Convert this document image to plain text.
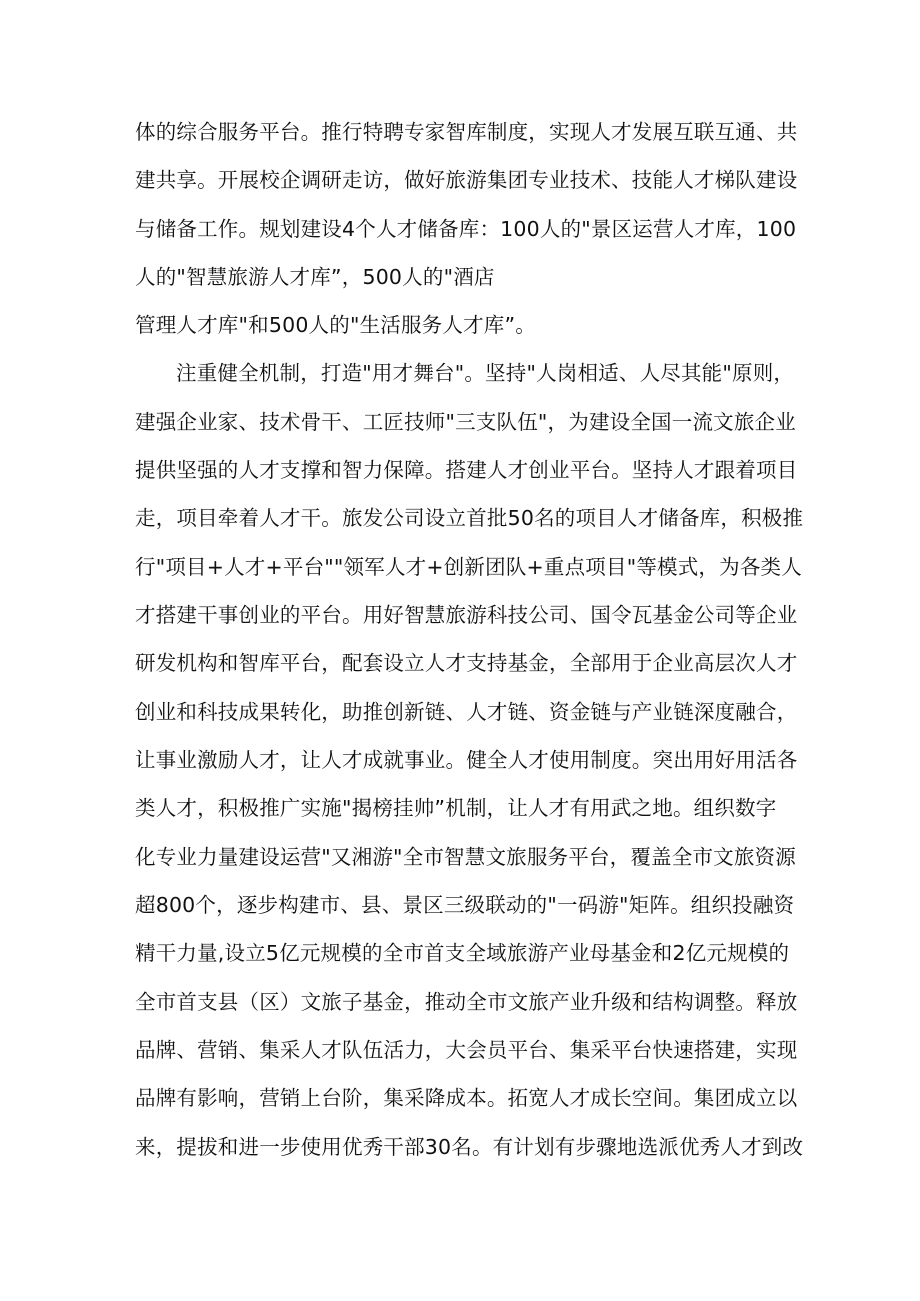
体的综合服务平台。推行特聘专家智库制度，实现人才发展互联互通、共
建共享。开展校企调研走访，做好旅游集团专业技术、技能人才梯队建设
与储备工作。规划建设4个人才储备库：100人的"景区运营人才库，100
人的"智慧旅游人才库”，500人的"酒店
管理人才库"和500人的"生活服务人才库”。
注重健全机制，打造"用才舞台"。坚持"人岗相适、人尽其能"原则，
建强企业家、技术骨干、工匠技师"三支队伍"，为建设全国一流文旅企业
提供坚强的人才支撑和智力保障。搭建人才创业平台。坚持人才跟着项目
走，项目牵着人才干。旅发公司设立首批50名的项目人才储备库，积极推
行"项目+人才+平台""领军人才+创新团队+重点项目"等模式，为各类人
才搭建干事创业的平台。用好智慧旅游科技公司、国令瓦基金公司等企业
研发机构和智库平台，配套设立人才支持基金，全部用于企业高层次人才
创业和科技成果转化，助推创新链、人才链、资金链与产业链深度融合，
让事业激励人才，让人才成就事业。健全人才使用制度。突出用好用活各
类人才，积极推广实施"揭榜挂帅”机制，让人才有用武之地。组织数字
化专业力量建设运营"又湘游"全市智慧文旅服务平台，覆盖全市文旅资源
超800个，逐步构建市、县、景区三级联动的"一码游"矩阵。组织投融资
精干力量,设立5亿元规模的全市首支全域旅游产业母基金和2亿元规模的
全市首支县（区）文旅子基金，推动全市文旅产业升级和结构调整。释放
品牌、营销、集采人才队伍活力，大会员平台、集采平台快速搭建，实现
品牌有影响，营销上台阶，集采降成本。拓宽人才成长空间。集团成立以
来，提拔和进一步使用优秀干部30名。有计划有步骤地选派优秀人才到改
